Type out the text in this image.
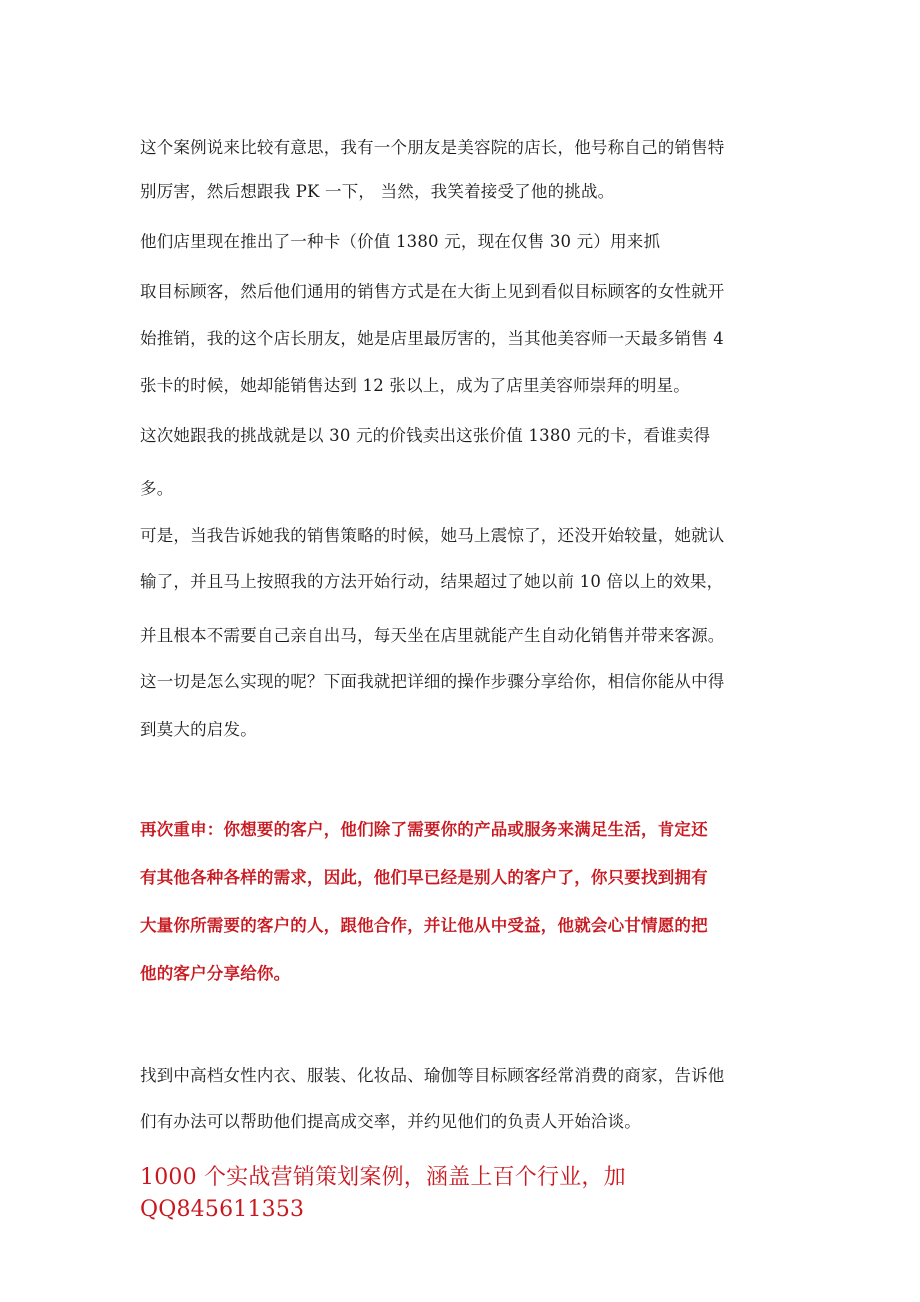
这个案例说来比较有意思，我有一个朋友是美容院的店长，他号称自己的销售特
别厉害，然后想跟我 PK 一下， 当然，我笑着接受了他的挑战。
他们店里现在推出了一种卡（价值 1380 元，现在仅售 30 元）用来抓
取目标顾客，然后他们通用的销售方式是在大街上见到看似目标顾客的女性就开
始推销，我的这个店长朋友，她是店里最厉害的，当其他美容师一天最多销售 4
张卡的时候，她却能销售达到 12 张以上，成为了店里美容师崇拜的明星。
这次她跟我的挑战就是以 30 元的价钱卖出这张价值 1380 元的卡，看谁卖得
多。
可是，当我告诉她我的销售策略的时候，她马上震惊了，还没开始较量，她就认
输了，并且马上按照我的方法开始行动，结果超过了她以前 10 倍以上的效果，
并且根本不需要自己亲自出马，每天坐在店里就能产生自动化销售并带来客源。
这一切是怎么实现的呢？下面我就把详细的操作步骤分享给你，相信你能从中得
到莫大的启发。
再次重申：你想要的客户，他们除了需要你的产品或服务来满足生活，肯定还
有其他各种各样的需求，因此，他们早已经是别人的客户了，你只要找到拥有
大量你所需要的客户的人，跟他合作，并让他从中受益，他就会心甘情愿的把
他的客户分享给你。
找到中高档女性内衣、服装、化妆品、瑜伽等目标顾客经常消费的商家，告诉他
们有办法可以帮助他们提高成交率，并约见他们的负责人开始洽谈。
1000 个实战营销策划案例，涵盖上百个行业，加
QQ845611353
